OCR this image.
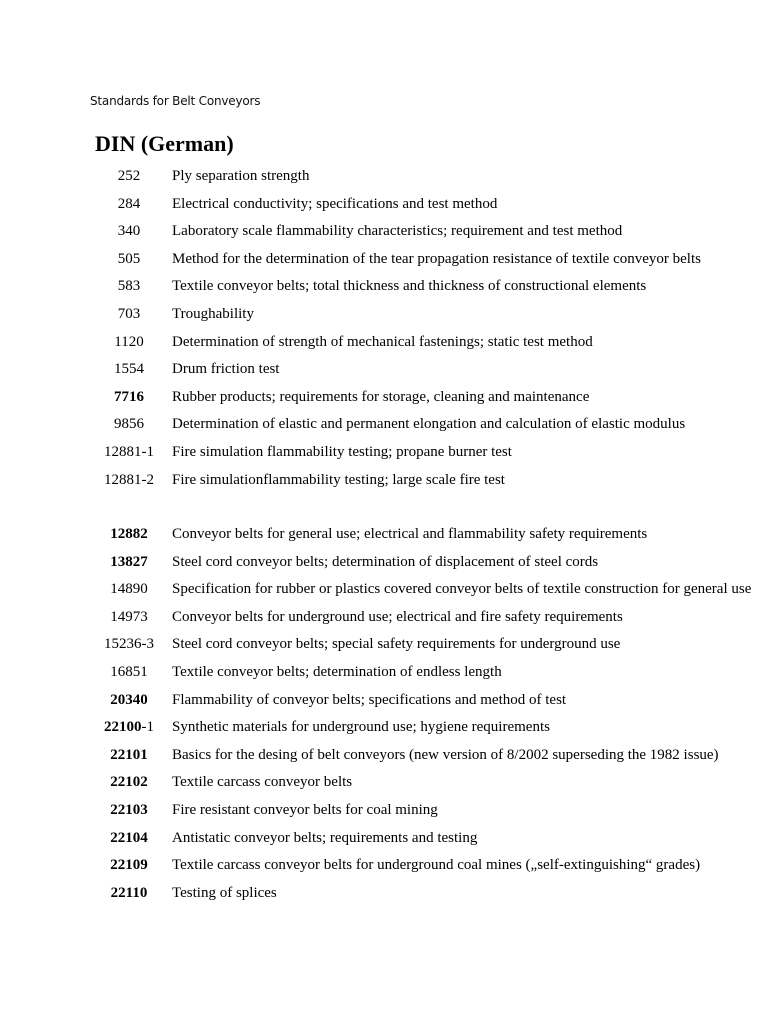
Standards for Belt Conveyors
DIN (German)
252	Ply separation strength
284	Electrical conductivity; specifications and test method
340	Laboratory scale flammability characteristics; requirement and test method
505	Method for the determination of the tear propagation resistance of textile conveyor belts
583	Textile conveyor belts; total thickness and thickness of constructional elements
703	Troughability
1120	Determination of strength of mechanical fastenings; static test method
1554	Drum friction test
7716	Rubber products; requirements for storage, cleaning and maintenance
9856	Determination of elastic and permanent elongation and calculation of elastic modulus
12881-1	Fire simulation flammability testing; propane burner test
12881-2	Fire simulationflammability testing; large scale fire test
12882	Conveyor belts for general use; electrical and flammability safety requirements
13827	Steel cord conveyor belts; determination of displacement of steel cords
14890	Specification for rubber or plastics covered conveyor belts of textile construction for general use
14973	Conveyor belts for underground use; electrical and fire safety requirements
15236-3	Steel cord conveyor belts; special safety requirements for underground use
16851	Textile conveyor belts; determination of endless length
20340	Flammability of conveyor belts; specifications and method of test
22100-1	Synthetic materials for underground use; hygiene requirements
22101	Basics for the desing of belt conveyors (new version of 8/2002 superseding the 1982 issue)
22102	Textile carcass conveyor belts
22103	Fire resistant conveyor belts for coal mining
22104	Antistatic conveyor belts; requirements and testing
22109	Textile carcass conveyor belts for underground coal mines („self-extinguishing“ grades)
22110	Testing of splices
